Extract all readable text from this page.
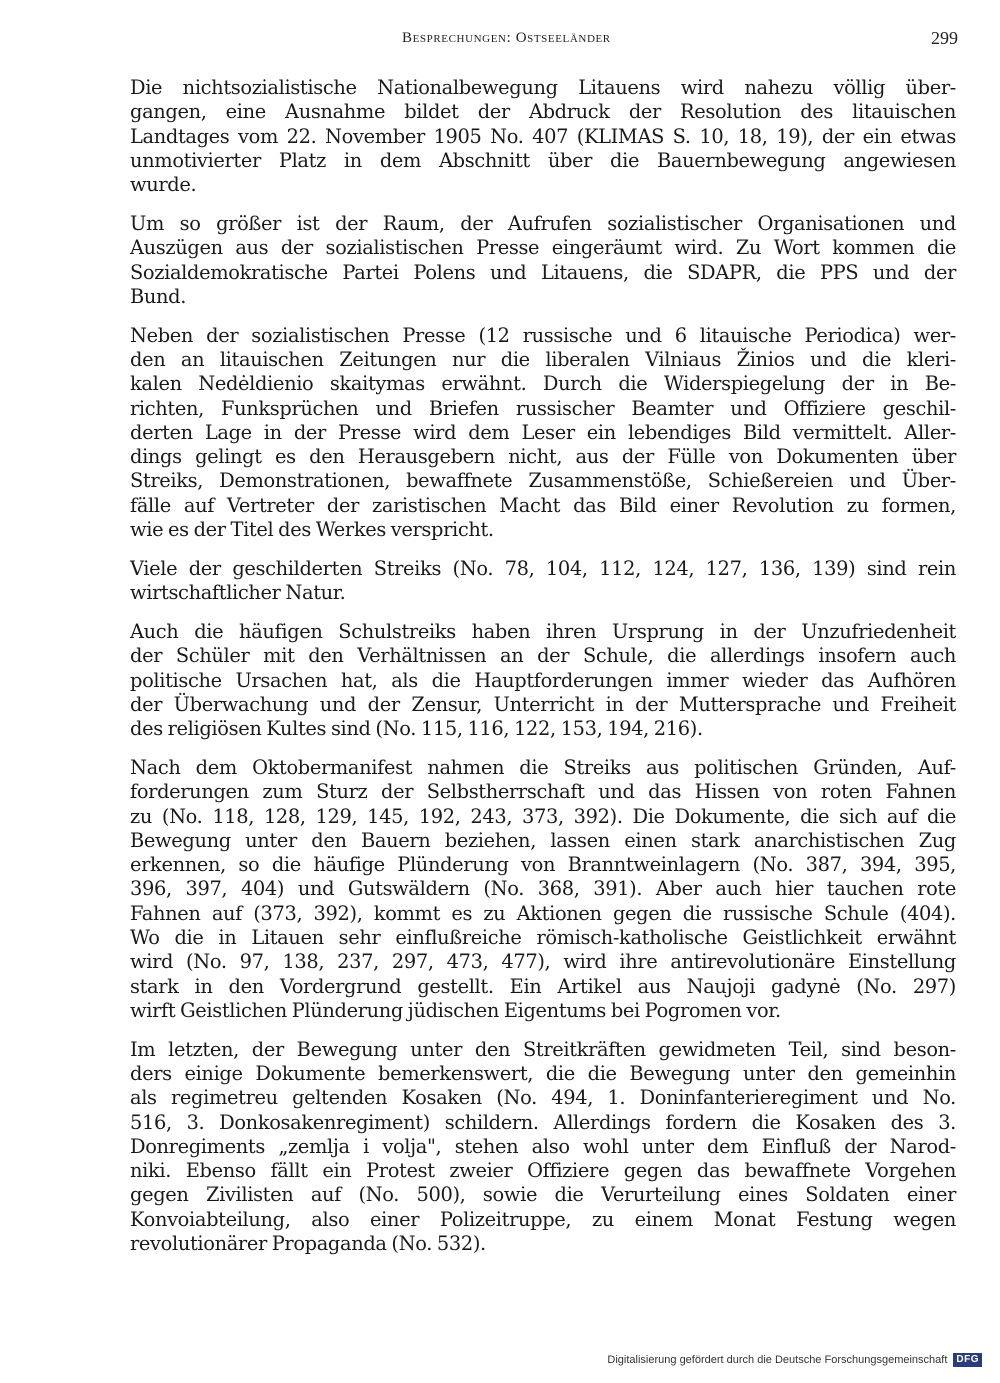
Besprechungen: Ostseeländer	299
Die nichtsozialistische Nationalbewegung Litauens wird nahezu völlig über-
gangen, eine Ausnahme bildet der Abdruck der Resolution des litauischen
Landtages vom 22. November 1905 No. 407 (KLIMAS S. 10, 18, 19), der ein etwas
unmotivierter Platz in dem Abschnitt über die Bauernbewegung angewiesen
wurde.
Um so größer ist der Raum, der Aufrufen sozialistischer Organisationen und
Auszügen aus der sozialistischen Presse eingeräumt wird. Zu Wort kommen die
Sozialdemokratische Partei Polens und Litauens, die SDAPR, die PPS und der
Bund.
Neben der sozialistischen Presse (12 russische und 6 litauische Periodica) wer-
den an litauischen Zeitungen nur die liberalen Vilniaus Žinios und die kleri-
kalen Nedėldienio skaitymas erwähnt. Durch die Widerspiegelung der in Be-
richten, Funksprüchen und Briefen russischer Beamter und Offiziere geschil-
derten Lage in der Presse wird dem Leser ein lebendiges Bild vermittelt. Aller-
dings gelingt es den Herausgebern nicht, aus der Fülle von Dokumenten über
Streiks, Demonstrationen, bewaffnete Zusammenstöße, Schießereien und Über-
fälle auf Vertreter der zaristischen Macht das Bild einer Revolution zu formen,
wie es der Titel des Werkes verspricht.
Viele der geschilderten Streiks (No. 78, 104, 112, 124, 127, 136, 139) sind rein
wirtschaftlicher Natur.
Auch die häufigen Schulstreiks haben ihren Ursprung in der Unzufriedenheit
der Schüler mit den Verhältnissen an der Schule, die allerdings insofern auch
politische Ursachen hat, als die Hauptforderungen immer wieder das Aufhören
der Überwachung und der Zensur, Unterricht in der Muttersprache und Freiheit
des religiösen Kultes sind (No. 115, 116, 122, 153, 194, 216).
Nach dem Oktobermanifest nahmen die Streiks aus politischen Gründen, Auf-
forderungen zum Sturz der Selbstherrschaft und das Hissen von roten Fahnen
zu (No. 118, 128, 129, 145, 192, 243, 373, 392). Die Dokumente, die sich auf die
Bewegung unter den Bauern beziehen, lassen einen stark anarchistischen Zug
erkennen, so die häufige Plünderung von Branntweinlagern (No. 387, 394, 395,
396, 397, 404) und Gutswäldern (No. 368, 391). Aber auch hier tauchen rote
Fahnen auf (373, 392), kommt es zu Aktionen gegen die russische Schule (404).
Wo die in Litauen sehr einflußreiche römisch-katholische Geistlichkeit erwähnt
wird (No. 97, 138, 237, 297, 473, 477), wird ihre antirevolutionäre Einstellung
stark in den Vordergrund gestellt. Ein Artikel aus Naujoji gadynė (No. 297)
wirft Geistlichen Plünderung jüdischen Eigentums bei Pogromen vor.
Im letzten, der Bewegung unter den Streitkräften gewidmeten Teil, sind beson-
ders einige Dokumente bemerkenswert, die die Bewegung unter den gemeinhin
als regimetreu geltenden Kosaken (No. 494, 1. Doninfanterieregiment und No.
516, 3. Donkosakenregiment) schildern. Allerdings fordern die Kosaken des 3.
Donregiments „zemlja i volja", stehen also wohl unter dem Einfluß der Narod-
niki. Ebenso fällt ein Protest zweier Offiziere gegen das bewaffnete Vorgehen
gegen Zivilisten auf (No. 500), sowie die Verurteilung eines Soldaten einer
Konvoiabteilung, also einer Polizeitruppe, zu einem Monat Festung wegen
revolutionärer Propaganda (No. 532).
Digitalisierung gefördert durch die Deutsche Forschungsgemeinschaft DFG
